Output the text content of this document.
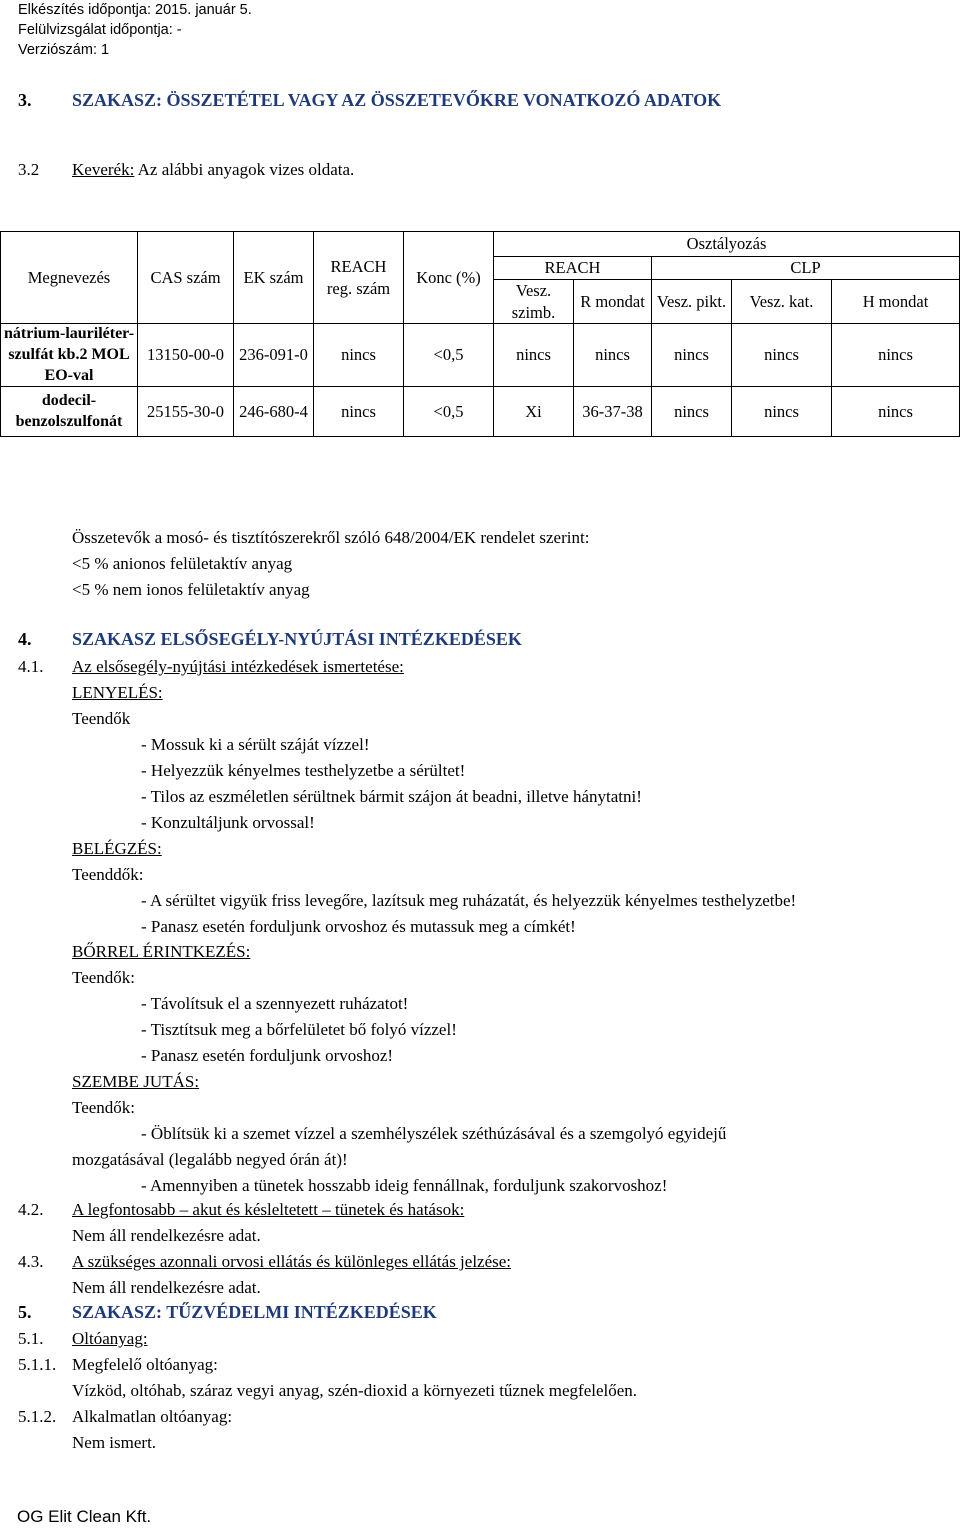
Elkészítés időpontja: 2015. január 5.
Felülvizsgálat időpontja: -
Verziószám: 1
3. SZAKASZ: ÖSSZETÉTEL VAGY AZ ÖSSZETEVŐKRE VONATKOZÓ ADATOK
3.2 Keverék: Az alábbi anyagok vizes oldata.
Megnevezés	CAS szám	EK szám	REACH reg. szám	Konc (%)	Osztályozás				
					REACH		CLP		
					Vesz. szimb.	R mondat	Vesz. pikt.	Vesz. kat.	H mondat
nátrium-lauriléter-szulfát kb.2 MOL EO-val	13150-00-0	236-091-0	nincs	<0,5	nincs	nincs	nincs	nincs	nincs
dodecil-benzolszulfonát	25155-30-0	246-680-4	nincs	<0,5	Xi	36-37-38	nincs	nincs	nincs
Összetevők a mosó- és tisztítószerekről szóló 648/2004/EK rendelet szerint:
<5 % anionos felületaktív anyag
<5 % nem ionos felületaktív anyag
4. SZAKASZ ELSŐSEGÉLY-NYÚJTÁSI INTÉZKEDÉSEK
4.1. Az elsősegély-nyújtási intézkedések ismertetése:
LENYELÉS:
Teendők
- Mossuk ki a sérült száját vízzel!
- Helyezzük kényelmes testhelyzetbe a sérültet!
- Tilos az eszméletlen sérültnek bármit szájon át beadni, illetve hánytatni!
- Konzultáljunk orvossal!
BELÉGZÉS:
Teenddők:
- A sérültet vigyük friss levegőre, lazítsuk meg ruházatát, és helyezzük kényelmes testhelyzetbe!
- Panasz esetén forduljunk orvoshoz és mutassuk meg a címkét!
BŐRREL ÉRINTKEZÉS:
Teendők:
- Távolítsuk el a szennyezett ruházatot!
- Tisztítsuk meg a bőrfelületet bő folyó vízzel!
- Panasz esetén forduljunk orvoshoz!
SZEMBE JUTÁS:
Teendők:
- Öblítsük ki a szemet vízzel a szemhélyszélek széthúzásával és a szemgolyó egyidejű
mozgatásával (legalább negyed órán át)!
- Amennyiben a tünetek hosszabb ideig fennállnak, forduljunk szakorvoshoz!
4.2. A legfontosabb – akut és késleltetett – tünetek és hatások:
Nem áll rendelkezésre adat.
4.3. A szükséges azonnali orvosi ellátás és különleges ellátás jelzése:
Nem áll rendelkezésre adat.
5. SZAKASZ: TŰZVÉDELMI INTÉZKEDÉSEK
5.1. Oltóanyag:
5.1.1. Megfelelő oltóanyag:
Vízköd, oltóhab, száraz vegyi anyag, szén-dioxid a környezeti tűznek megfelelően.
5.1.2. Alkalmatlan oltóanyag:
Nem ismert.
OG Elit Clean Kft.
